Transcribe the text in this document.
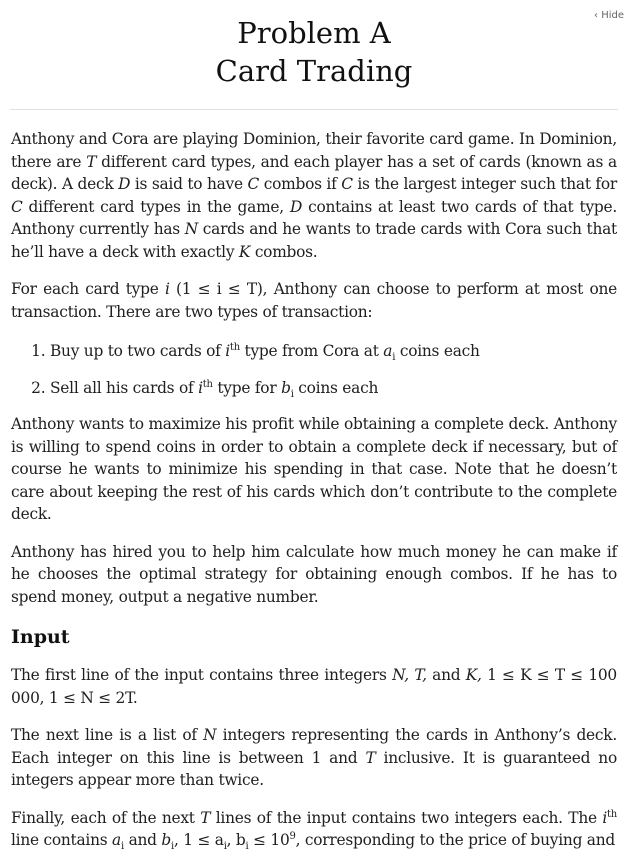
‹ Hide
Problem A
Card Trading

Anthony and Cora are playing Dominion, their favorite card game. In Dominion, there are T different card types, and each player has a set of cards (known as a deck). A deck D is said to have C combos if C is the largest integer such that for C different card types in the game, D contains at least two cards of that type. Anthony currently has N cards and he wants to trade cards with Cora such that he’ll have a deck with exactly K combos.

For each card type i (1 ≤ i ≤ T), Anthony can choose to perform at most one transaction. There are two types of transaction:

1. Buy up to two cards of $i^{th}$ type from Cora at $a_i$ coins each
2. Sell all his cards of $i^{th}$ type for $b_i$ coins each

Anthony wants to maximize his profit while obtaining a complete deck. Anthony is willing to spend coins in order to obtain a complete deck if necessary, but of course he wants to minimize his spending in that case. Note that he doesn’t care about keeping the rest of his cards which don’t contribute to the complete deck.

Anthony has hired you to help him calculate how much money he can make if he chooses the optimal strategy for obtaining enough combos. If he has to spend money, output a negative number.

Input

The first line of the input contains three integers N, T, and K, 1 ≤ K ≤ T ≤ 100 000, 1 ≤ N ≤ 2T.

The next line is a list of N integers representing the cards in Anthony’s deck. Each integer on this line is between 1 and T inclusive. It is guaranteed no integers appear more than twice.

Finally, each of the next T lines of the input contains two integers each. The $i^{th}$ line contains $a_i$ and $b_i$, $1 \le a_i$, $b_i \le 10^9$, corresponding to the price of buying and
